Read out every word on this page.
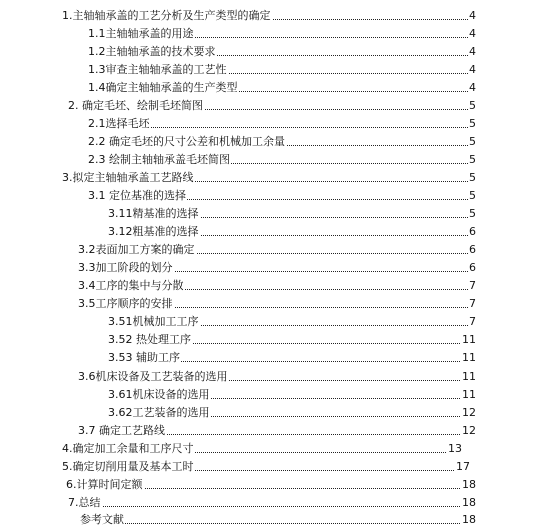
1.主轴轴承盖的工艺分析及生产类型的确定	4
1.1主轴轴承盖的用途	4
1.2主轴轴承盖的技术要求	4
1.3审查主轴轴承盖的工艺性	4
1.4确定主轴轴承盖的生产类型	4
2. 确定毛坯、绘制毛坯简图	5
2.1选择毛坯	5
2.2 确定毛坯的尺寸公差和机械加工余量	5
2.3 绘制主轴轴承盖毛坯简图	5
3.拟定主轴轴承盖工艺路线	5
3.1 定位基准的选择	5
3.11精基准的选择	5
3.12粗基准的选择	6
3.2表面加工方案的确定	6
3.3加工阶段的划分	6
3.4工序的集中与分散	7
3.5工序顺序的安排	7
3.51机械加工工序	7
3.52 热处理工序	11
3.53 辅助工序	11
3.6机床设备及工艺装备的选用	11
3.61机床设备的选用	11
3.62工艺装备的选用	12
3.7 确定工艺路线	12
4.确定加工余量和工序尺寸	13
5.确定切削用量及基本工时	17
6.计算时间定额	18
7.总结	18
参考文献	18
